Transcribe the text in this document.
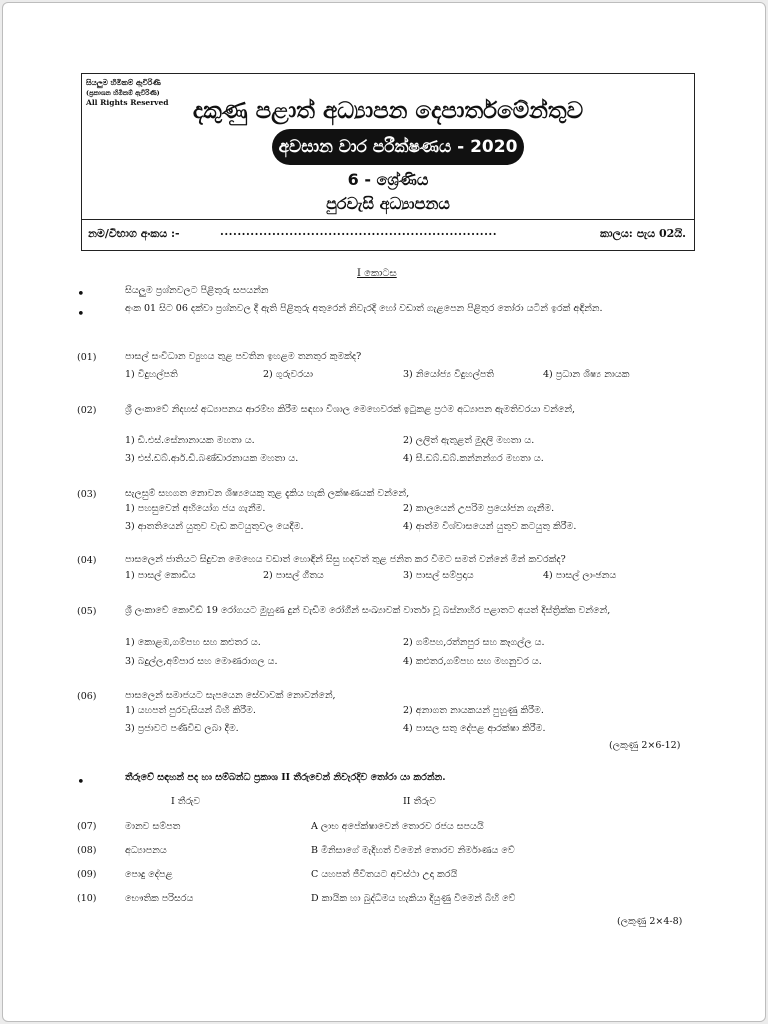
සියලුම හිමිකම් ඇවිරිණි
(ප්‍රකාශන හිමිකම් ඇවිරිණි)
All Rights Reserved	දකුණු පළාත් අධ්‍යාපන දෙපාර්තමේන්තුව
අවසාන වාර පරීක්ෂණය - 2020
6 - ශ්‍රේණිය
පුරවැසි අධ්‍යාපනය
නම/විභාග අංකය :-	................................................................	කාලය: පැය 02යි.
I කොටස
•	සියලුම ප්‍රශ්නවලට පිළිතුරු සපයන්න
•	අංක 01 සිට 06 දක්වා ප්‍රශ්නවල දී ඇති පිළිතුරු අතුරෙන් නිවැරදි හෝ වඩාත් ගැළපෙන පිළිතුර තෝරා යටින් ඉරක් අඳින්න.
(01)	පාසල් සංවිධාන ව්‍යුහය තුළ පවතින ඉහළම තනතුර කුමක්ද?
1) විදුහල්පති	2) ගුරුවරයා	3) නියෝජ්‍ය විදුහල්පති	4) ප්‍රධාන ශිෂ්‍ය නායක
(02)	ශ්‍රී ලංකාවේ නිදහස් අධ්‍යාපනය ආරම්භ කිරීම සඳහා විශාල මෙහෙවරක් ඉටුකළ ප්‍රථම අධ්‍යාපන ඇමතිවරයා වන්නේ,
1) ඩී.එස්.සේනානායක මහතා ය.	2) ලලිත් ඇතුළත් මුදලි මහතා ය.
3) එස්.ඩබ්.ආර්.ඩී.බණ්ඩාරනායක මහතා ය.	4) සී.ඩබ්.ඩබ්.කන්නන්ගර මහතා ය.
(03)	සැලසුම් සහගත නොවන ශිෂ්‍යයෙකු තුළ දැකිය හැකි ලක්ෂණයක් වන්නේ,
1) පහසුවෙන් අභියෝග ජය ගැනීම.	2) කාලයෙන් උපරිම ප්‍රයෝජන ගැනීම.
3) ආතතියෙන් යුතුව වැඩ කටයුතුවල යෙදීම.	4) ආත්ම විශ්වාසයෙන් යුතුව කටයුතු කිරීම.
(04)	පාසලෙන් ජාතියට සිදුවන මෙහෙය වඩාත් හොඳින් සිසු හදවත් තුළ ජනිත කර වීමට සමත් වන්නේ මින් කවරක්ද?
1) පාසල් කොඩිය	2) පාසල් ගීතය	3) පාසල් සම්ප්‍රදාය	4) පාසල් ලාංඡනය
(05)	ශ්‍රී ලංකාවේ කොවිඩ් 19 රෝගයට මුහුණ දුන් වැඩිම රෝගීන් සංඛ්‍යාවක් වාර්තා වූ බස්නාහිර පළාතට අයත් දිස්ත්‍රික්ක වන්නේ,
1) කොළඹ,ගම්පහ සහ කළුතර ය.	2) ගම්පහ,රත්නපුර සහ කෑගල්ල ය.
3) බදුල්ල,අම්පාර සහ මොණරාගල ය.	4) කළුතර,ගම්පහ සහ මහනුවර ය.
(06)	පාසලෙන් සමාජයට සැපයෙන සේවාවක් නොවන්නේ,
1) යහපත් පුරවැසියන් බිහි කිරීම.	2) අනාගත නායකයන් පුහුණු කිරීම.
3) ප්‍රජාවට පණිවිඩ ලබා දීම.	4) පාසල සතු දේපළ ආරක්ෂා කිරීම.
(ලකුණු 2×6-12)
•	තීරුවේ සඳහන් පද හා සම්බන්ධ ප්‍රකාශ II තීරුවෙන් නිවැරදිව තෝරා යා කරන්න.
I තීරුව	II තීරුව
(07)	මානව සම්පත	A ලාභ අපේක්ෂාවෙන් තොරව රජය සපයයි
(08)	අධ්‍යාපනය	B මිනිසාගේ මැදිහත් වීමෙන් තොරව නිර්මාණය වේ
(09)	පොදු දේපළ	C යහපත් ජීවිතයට අවස්ථා උදා කරයි
(10)	භෞතික පරිසරය	D කායික හා බුද්ධිමය හැකියා දියුණු වීමෙන් බිහි වේ
(ලකුණු 2×4-8)
